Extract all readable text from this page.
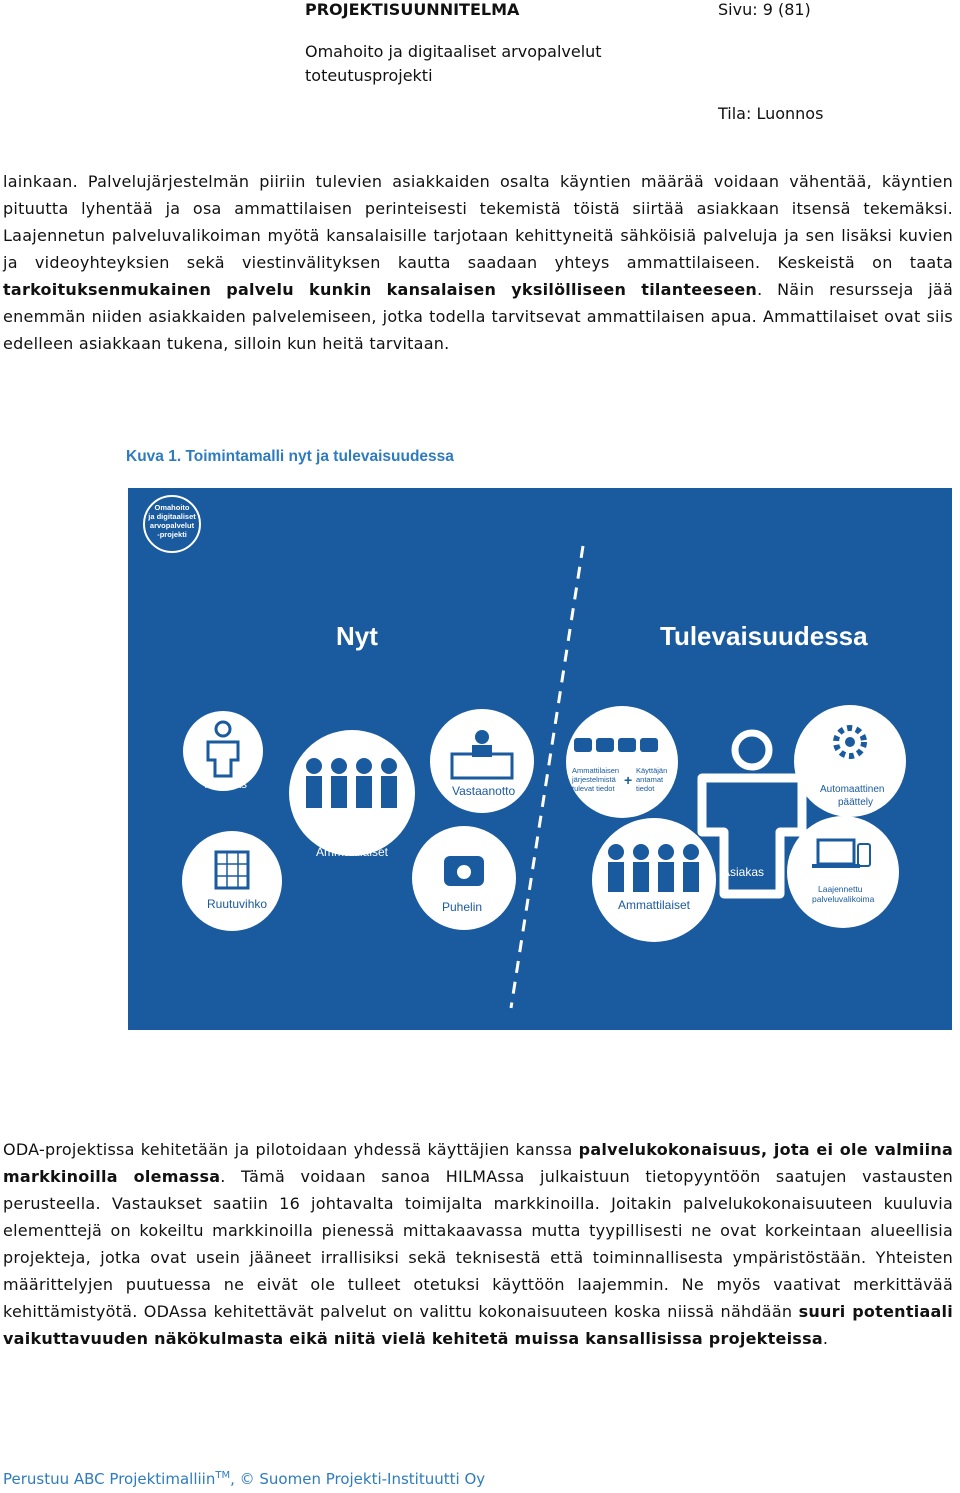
PROJEKTISUUNNITELMA	Sivu: 9 (81)
Omahoito ja digitaaliset arvopalvelut toteutusprojekti
Tila: Luonnos

lainkaan. Palvelujärjestelmän piiriin tulevien asiakkaiden osalta käyntien määrää voidaan vähentää, käyntien pituutta lyhentää ja osa ammattilaisen perinteisesti tekemistä töistä siirtää asiakkaan itsensä tekemäksi. Laajennetun palveluvalikoiman myötä kansalaisille tarjotaan kehittyneitä sähköisiä palveluja ja sen lisäksi kuvien ja videoyhteyksien sekä viestinvälityksen kautta saadaan yhteys ammattilaiseen. Keskeistä on taata tarkoituksenmukainen palvelu kunkin kansalaisen yksilölliseen tilanteeseen. Näin resursseja jää enemmän niiden asiakkaiden palvelemiseen, jotka todella tarvitsevat ammattilaisen apua. Ammattilaiset ovat siis edelleen asiakkaan tukena, silloin kun heitä tarvitaan.

Kuva 1. Toimintamalli nyt ja tulevaisuudessa
Omahoito
ja digitaaliset
arvopalvelut
-projekti
Nyt	Tulevaisuudessa
Asiakas	Vastaanotto
Ammattilaiset
Ruutuvihko	Puhelin
Ammattilaisen
järjestelmistä
tulevat tiedot
+
Käyttäjän
antamat
tiedot	Automaattinen
päättely
Asiakas
Ammattilaiset
Laajennettu
palveluvalikoima

ODA-projektissa kehitetään ja pilotoidaan yhdessä käyttäjien kanssa palvelukokonaisuus, jota ei ole valmiina markkinoilla olemassa. Tämä voidaan sanoa HILMAssa julkaistuun tietopyyntöön saatujen vastausten perusteella. Vastaukset saatiin 16 johtavalta toimijalta markkinoilla. Joitakin palvelukokonaisuuteen kuuluvia elementtejä on kokeiltu markkinoilla pienessä mittakaavassa mutta tyypillisesti ne ovat korkeintaan alueellisia projekteja, jotka ovat usein jääneet irrallisiksi sekä teknisestä että toiminnallisesta ympäristöstään. Yhteisten määrittelyjen puutuessa ne eivät ole tulleet otetuksi käyttöön laajemmin. Ne myös vaativat merkittävää kehittämistyötä. ODAssa kehitettävät palvelut on valittu kokonaisuuteen koska niissä nähdään suuri potentiaali vaikuttavuuden näkökulmasta eikä niitä vielä kehitetä muissa kansallisissa projekteissa.

Perustuu ABC Projektimalliin™, © Suomen Projekti-Instituutti Oy
